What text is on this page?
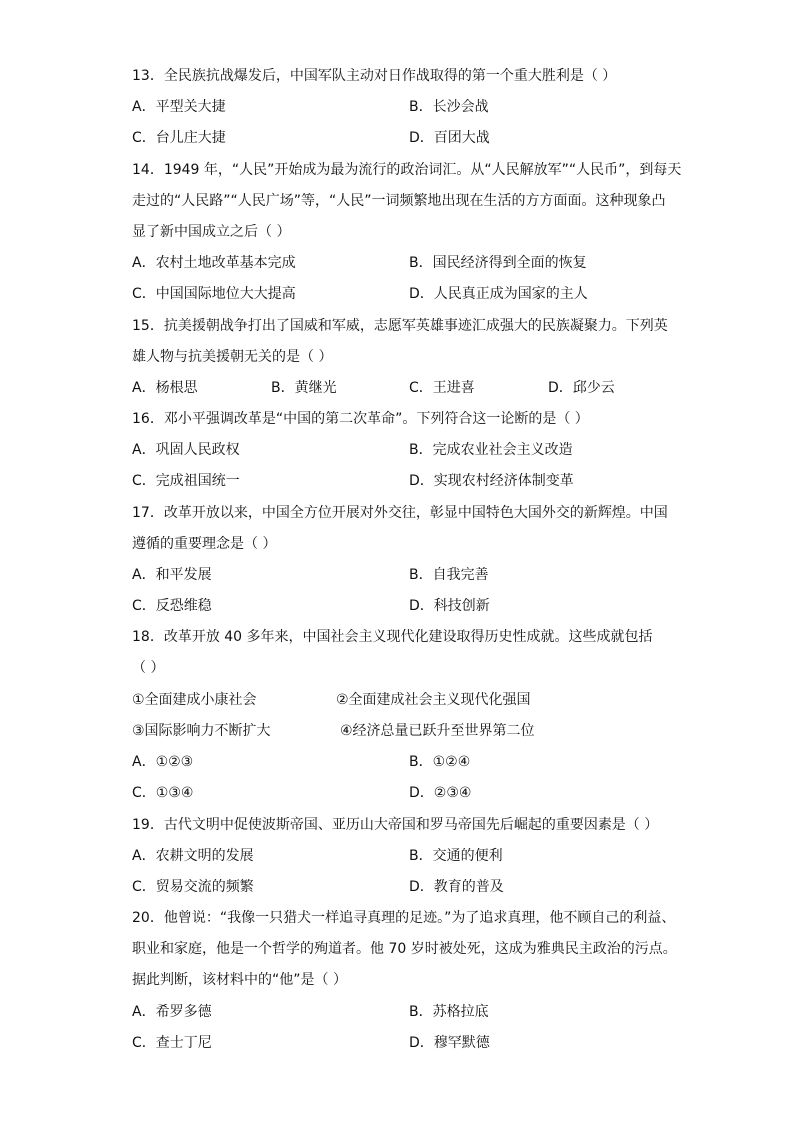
13．全民族抗战爆发后，中国军队主动对日作战取得的第一个重大胜利是（ ）
A．平型关大捷	B．长沙会战
C．台儿庄大捷	D．百团大战
14．1949 年，“人民”开始成为最为流行的政治词汇。从“人民解放军”“人民币”，到每天
走过的“人民路”“人民广场”等，“人民”一词频繁地出现在生活的方方面面。这种现象凸
显了新中国成立之后（ ）
A．农村土地改革基本完成	B．国民经济得到全面的恢复
C．中国国际地位大大提高	D．人民真正成为国家的主人
15．抗美援朝战争打出了国威和军威，志愿军英雄事迹汇成强大的民族凝聚力。下列英
雄人物与抗美援朝无关的是（ ）
A．杨根思	B．黄继光	C．王进喜	D．邱少云
16．邓小平强调改革是“中国的第二次革命”。下列符合这一论断的是（ ）
A．巩固人民政权	B．完成农业社会主义改造
C．完成祖国统一	D．实现农村经济体制变革
17．改革开放以来，中国全方位开展对外交往，彰显中国特色大国外交的新辉煌。中国
遵循的重要理念是（ ）
A．和平发展	B．自我完善
C．反恐维稳	D．科技创新
18．改革开放 40 多年来，中国社会主义现代化建设取得历史性成就。这些成就包括
（ ）
①全面建成小康社会	②全面建成社会主义现代化强国
③国际影响力不断扩大	④经济总量已跃升至世界第二位
A．①②③	B．①②④
C．①③④	D．②③④
19．古代文明中促使波斯帝国、亚历山大帝国和罗马帝国先后崛起的重要因素是（ ）
A．农耕文明的发展	B．交通的便利
C．贸易交流的频繁	D．教育的普及
20．他曾说：“我像一只猎犬一样追寻真理的足迹。”为了追求真理，他不顾自己的利益、
职业和家庭，他是一个哲学的殉道者。他 70 岁时被处死，这成为雅典民主政治的污点。
据此判断，该材料中的“他”是（ ）
A．希罗多德	B．苏格拉底
C．查士丁尼	D．穆罕默德
